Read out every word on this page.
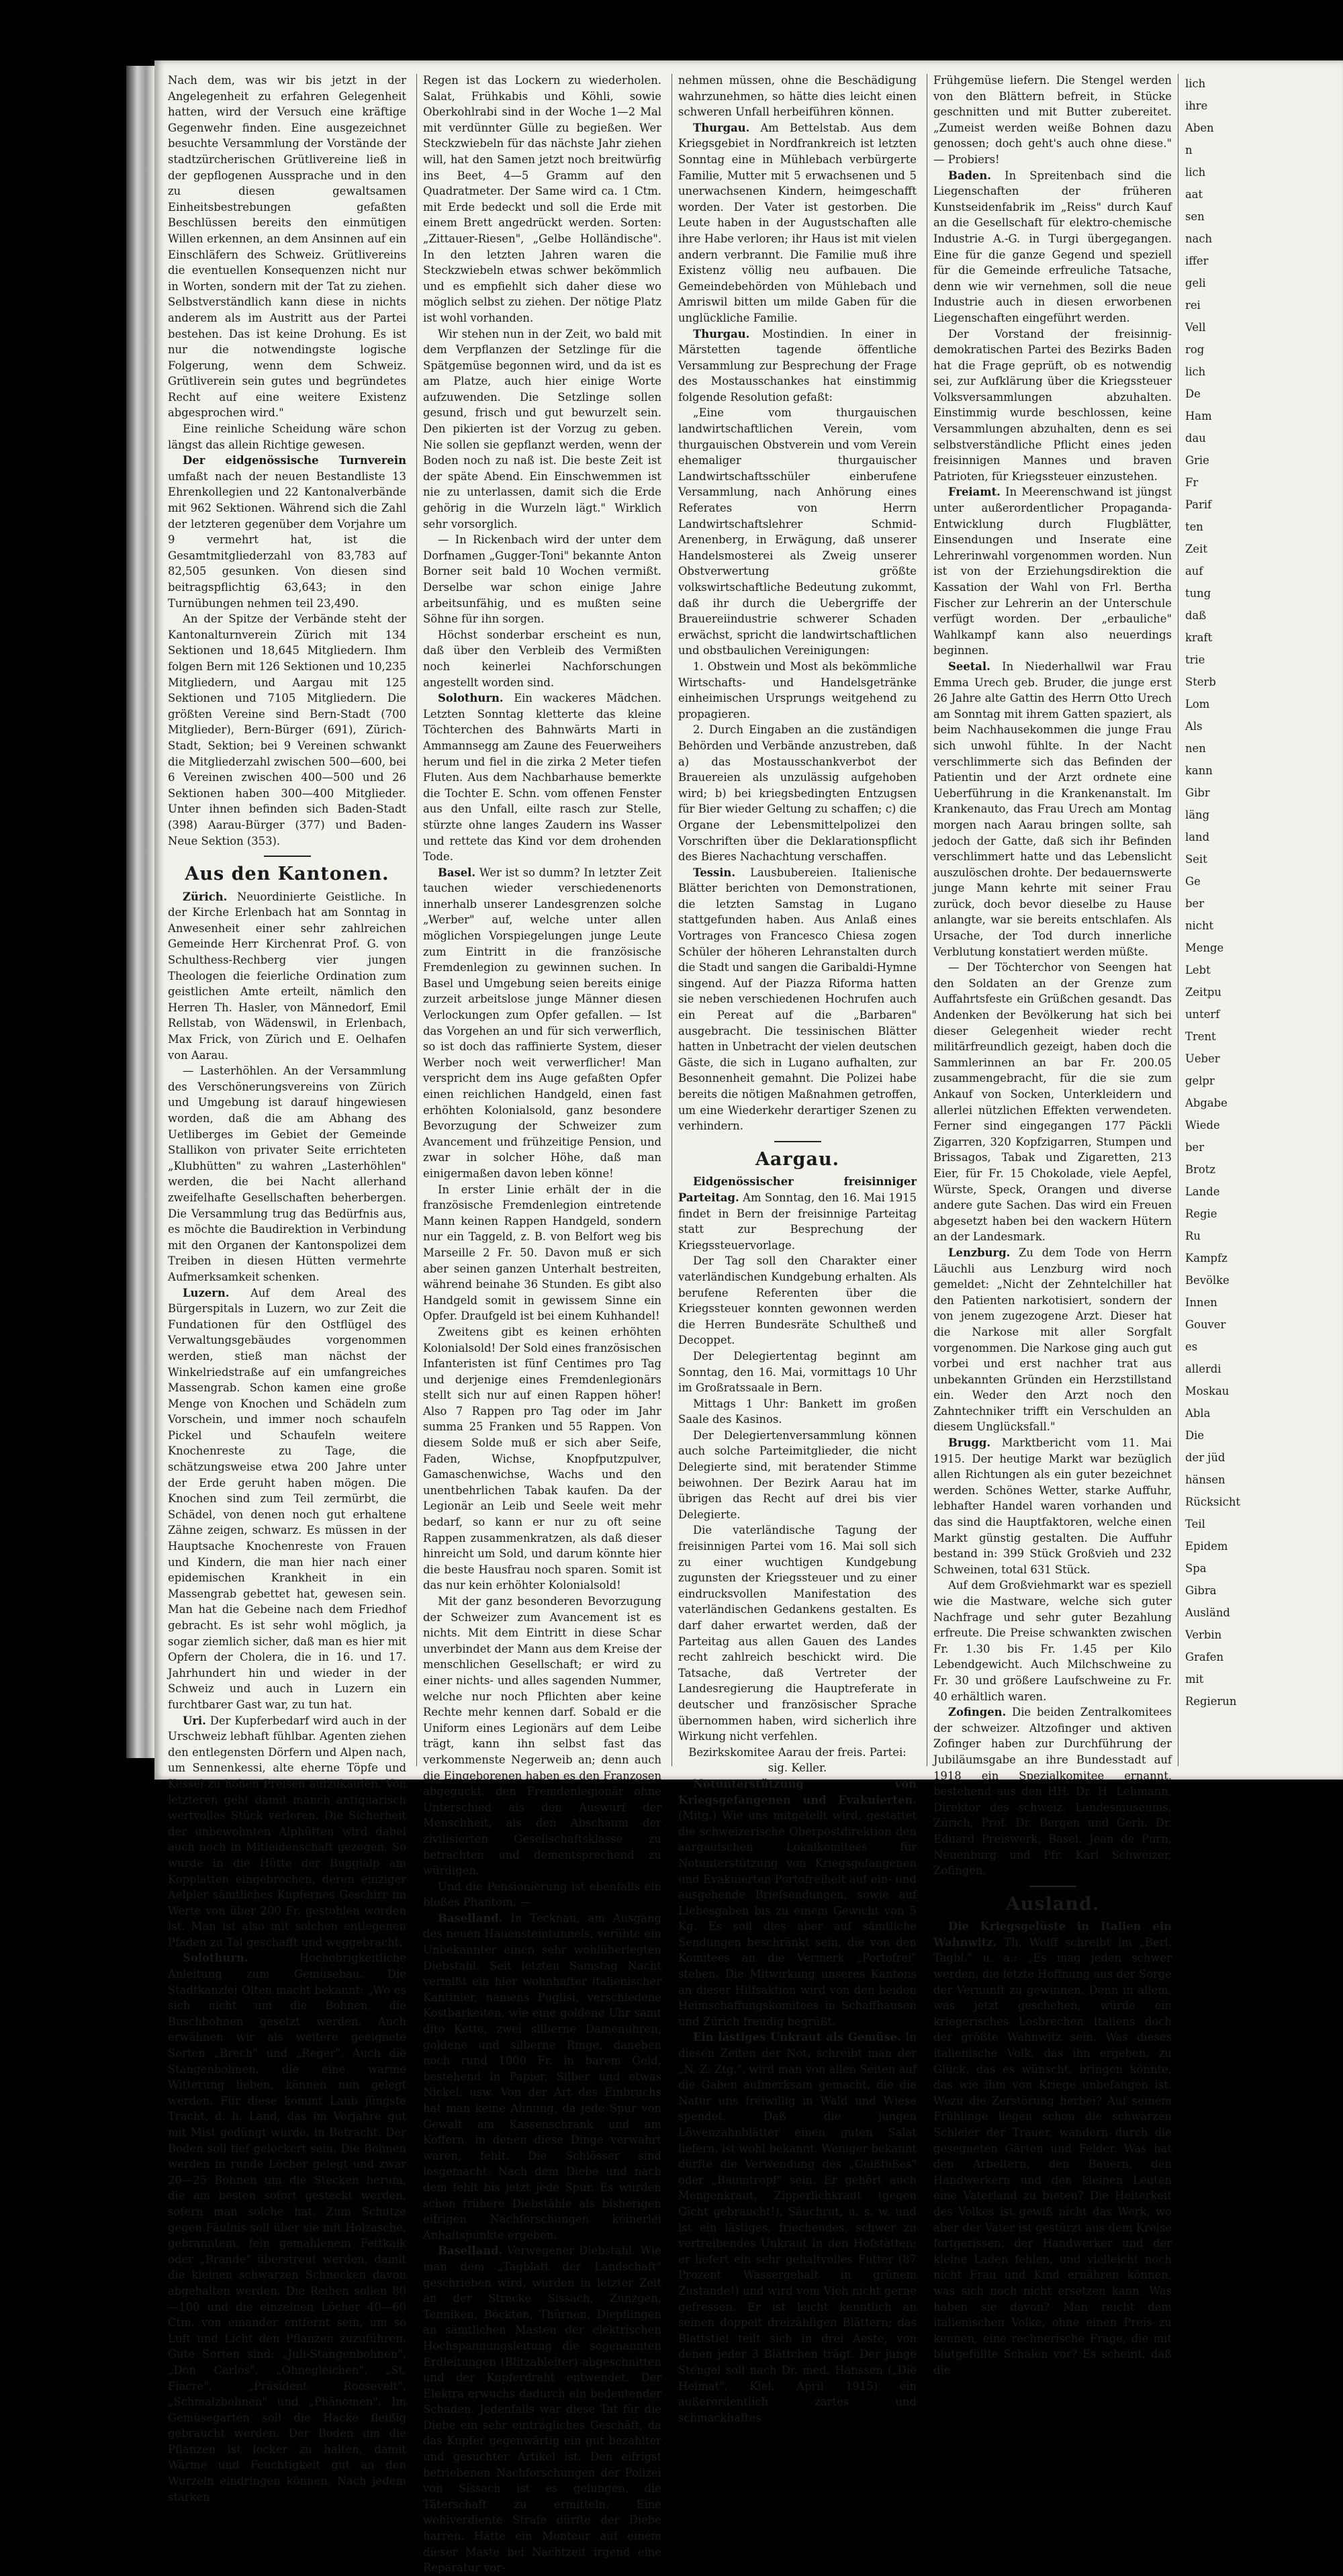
Nach dem, was wir bis jetzt in der Angelegenheit zu erfahren Gelegenheit hatten, wird der Versuch eine kräftige Gegenwehr finden. Eine ausgezeichnet besuchte Versammlung der Vorstände der stadtzürcherischen Grütlivereine ließ in der gepflogenen Aussprache und in den zu diesen gewaltsamen Einheitsbestrebungen gefaßten Beschlüssen bereits den einmütigen Willen erkennen, an dem Ansinnen auf ein Einschläfern des Schweiz. Grütlivereins die eventuellen Konsequenzen nicht nur in Worten, sondern mit der Tat zu ziehen. Selbstverständlich kann diese in nichts anderem als im Austritt aus der Partei bestehen. Das ist keine Drohung. Es ist nur die notwendingste logische Folgerung, wenn dem Schweiz. Grütliverein sein gutes und begründetes Recht auf eine weitere Existenz abgesprochen wird."

Eine reinliche Scheidung wäre schon längst das allein Richtige gewesen.

Der eidgenössische Turnverein umfaßt nach der neuen Bestandliste 13 Ehrenkollegien und 22 Kantonalverbände mit 962 Sektionen. Während sich die Zahl der letzteren gegenüber dem Vorjahre um 9 vermehrt hat, ist die Gesamtmitgliederzahl von 83,783 auf 82,505 gesunken. Von diesen sind beitragspflichtig 63,643; in den Turnübungen nehmen teil 23,490.

An der Spitze der Verbände steht der Kantonalturnverein Zürich mit 134 Sektionen und 18,645 Mitgliedern. Ihm folgen Bern mit 126 Sektionen und 10,235 Mitgliedern, und Aargau mit 125 Sektionen und 7105 Mitgliedern. Die größten Vereine sind Bern-Stadt (700 Mitglieder), Bern-Bürger (691), Zürich-Stadt, Sektion; bei 9 Vereinen schwankt die Mitgliederzahl zwischen 500—600, bei 6 Vereinen zwischen 400—500 und 26 Sektionen haben 300—400 Mitglieder. Unter ihnen befinden sich Baden-Stadt (398) Aarau-Bürger (377) und Baden-Neue Sektion (353).

Aus den Kantonen.

Zürich. Neuordinierte Geistliche. In der Kirche Erlenbach hat am Sonntag in Anwesenheit einer sehr zahlreichen Gemeinde Herr Kirchenrat Prof. G. von Schulthess-Rechberg vier jungen Theologen die feierliche Ordination zum geistlichen Amte erteilt, nämlich den Herren Th. Hasler, von Männedorf, Emil Rellstab, von Wädenswil, in Erlenbach, Max Frick, von Zürich und E. Oelhafen von Aarau.

— Lasterhöhlen. An der Versammlung des Verschönerungsvereins von Zürich und Umgebung ist darauf hingewiesen worden, daß die am Abhang des Uetliberges im Gebiet der Gemeinde Stallikon von privater Seite errichteten „Klubhütten" zu wahren „Lasterhöhlen" werden, die bei Nacht allerhand zweifelhafte Gesellschaften beherbergen. Die Versammlung trug das Bedürfnis aus, es möchte die Baudirektion in Verbindung mit den Organen der Kantonspolizei dem Treiben in diesen Hütten vermehrte Aufmerksamkeit schenken.

Luzern. Auf dem Areal des Bürgerspitals in Luzern, wo zur Zeit die Fundationen für den Ostflügel des Verwaltungsgebäudes vorgenommen werden, stieß man nächst der Winkelriedstraße auf ein umfangreiches Massengrab. Schon kamen eine große Menge von Knochen und Schädeln zum Vorschein, und immer noch schaufeln Pickel und Schaufeln weitere Knochenreste zu Tage, die schätzungsweise etwa 200 Jahre unter der Erde geruht haben mögen. Die Knochen sind zum Teil zermürbt, die Schädel, von denen noch gut erhaltene Zähne zeigen, schwarz. Es müssen in der Hauptsache Knochenreste von Frauen und Kindern, die man hier nach einer epidemischen Krankheit in ein Massengrab gebettet hat, gewesen sein. Man hat die Gebeine nach dem Friedhof gebracht. Es ist sehr wohl möglich, ja sogar ziemlich sicher, daß man es hier mit Opfern der Cholera, die in 16. und 17. Jahrhundert hin und wieder in der Schweiz und auch in Luzern ein furchtbarer Gast war, zu tun hat.

Uri. Der Kupferbedarf wird auch in der Urschweiz lebhaft fühlbar. Agenten ziehen den entlegensten Dörfern und Alpen nach, um Sennenkessi, alte eherne Töpfe und Kessel zu hohen Preisen aufzukaufen. Von letzteren geht damit manch antiquarisch wertvolles Stück verloren. Die Sicherheit der unbewohnten Alphütten wird dabei auch noch in Mitleidenschaft gezogen. So wurde in die Hütte der Buggialp am Kopplatten eingebrochen, deren einziger Aelpler sämtliches Kupfernes Geschirr im Werte von über 200 Fr. gestohlen worden ist. Man ist also mit solchen entlegenen Pfaden zu Tal geschafft und weggebracht.

Solothurn. Hochobrigkeitliche Anleitung zum Gemüsebau. Die Stadtkanzlei Olten macht bekannt: „Wo es sich nicht um die Bohnen, die Buschbohnen gesetzt werden. Auch erwähnen wir als weitere geeignete Sorten „Brech" und „Reger". Auch die Stangenbohnen, die eine warme Witterung lieben, können nun gelegt werden. Für diese kommt Laub jüngste Tracht, d. h. Land, das im Vorjahre gut mit Mist gedüngt wurde, in Betracht. Der Boden soll tief gelockert sein. Die Bohnen werden in runde Löcher gelegt und zwar 20—25 Bohnen um die Stecken herum, die am besten sofort gesteckt werden, sofern man solche hat. Zum Schutze gegen Fäulnis soll über sie mit Holzasche, gebranntem, fein gemahlenem Fettkalk oder „Brande" überstreut werden, damit die kleinen schwarzen Schnecken davon abgehalten werden. Die Reihen sollen 80—100 und die einzelnen Löcher 40—60 Ctm. von einander entfernt sein, um so Luft und Licht den Pflanzen zuzuführen. Gute Sorten sind: „Juli-Stangenbohnen", „Don Carlos", „Ohnegleichen", „St. Fiacre", „Präsident Roosevelt", „Schmalzbohnen" und „Phänomen". Im Gemüsegarten soll die Hacke fleißig gebraucht werden. Der Boden um die Pflanzen ist locker zu halten, damit Wärme und Feuchtigkeit gut an den Wurzeln eindringen können. Nach jedem starken

Regen ist das Lockern zu wiederholen. Salat, Frühkabis und Köhli, sowie Oberkohlrabi sind in der Woche 1—2 Mal mit verdünnter Gülle zu begießen. Wer Steckzwiebeln für das nächste Jahr ziehen will, hat den Samen jetzt noch breitwürfig ins Beet, 4—5 Gramm auf den Quadratmeter. Der Same wird ca. 1 Ctm. mit Erde bedeckt und soll die Erde mit einem Brett angedrückt werden. Sorten: „Zittauer-Riesen", „Gelbe Holländische". In den letzten Jahren waren die Steckzwiebeln etwas schwer bekömmlich und es empfiehlt sich daher diese wo möglich selbst zu ziehen. Der nötige Platz ist wohl vorhanden.

Wir stehen nun in der Zeit, wo bald mit dem Verpflanzen der Setzlinge für die Spätgemüse begonnen wird, und da ist es am Platze, auch hier einige Worte aufzuwenden. Die Setzlinge sollen gesund, frisch und gut bewurzelt sein. Den pikierten ist der Vorzug zu geben. Nie sollen sie gepflanzt werden, wenn der Boden noch zu naß ist. Die beste Zeit ist der späte Abend. Ein Einschwemmen ist nie zu unterlassen, damit sich die Erde gehörig in die Wurzeln lägt." Wirklich sehr vorsorglich.

— In Rickenbach wird der unter dem Dorfnamen „Gugger-Toni" bekannte Anton Borner seit bald 10 Wochen vermißt. Derselbe war schon einige Jahre arbeitsunfähig, und es mußten seine Söhne für ihn sorgen.

Höchst sonderbar erscheint es nun, daß über den Verbleib des Vermißten noch keinerlei Nachforschungen angestellt worden sind.

Solothurn. Ein wackeres Mädchen. Letzten Sonntag kletterte das kleine Töchterchen des Bahnwärts Marti in Ammannsegg am Zaune des Feuerweihers herum und fiel in die zirka 2 Meter tiefen Fluten. Aus dem Nachbarhause bemerkte die Tochter E. Schn. vom offenen Fenster aus den Unfall, eilte rasch zur Stelle, stürzte ohne langes Zaudern ins Wasser und rettete das Kind vor dem drohenden Tode.

Basel. Wer ist so dumm? In letzter Zeit tauchen wieder verschiedenenorts innerhalb unserer Landesgrenzen solche „Werber" auf, welche unter allen möglichen Vorspiegelungen junge Leute zum Eintritt in die französische Fremdenlegion zu gewinnen suchen. In Basel und Umgebung seien bereits einige zurzeit arbeitslose junge Männer diesen Verlockungen zum Opfer gefallen. — Ist das Vorgehen an und für sich verwerflich, so ist doch das raffinierte System, dieser Werber noch weit verwerflicher! Man verspricht dem ins Auge gefaßten Opfer einen reichlichen Handgeld, einen fast erhöhten Kolonialsold, ganz besondere Bevorzugung der Schweizer zum Avancement und frühzeitige Pension, und zwar in solcher Höhe, daß man einigermaßen davon leben könne!

In erster Linie erhält der in die französische Fremdenlegion eintretende Mann keinen Rappen Handgeld, sondern nur ein Taggeld, z. B. von Belfort weg bis Marseille 2 Fr. 50. Davon muß er sich aber seinen ganzen Unterhalt bestreiten, während beinahe 36 Stunden. Es gibt also Handgeld somit in gewissem Sinne ein Opfer. Draufgeld ist bei einem Kuhhandel!

Zweitens gibt es keinen erhöhten Kolonialsold! Der Sold eines französischen Infanteristen ist fünf Centimes pro Tag und derjenige eines Fremdenlegionärs stellt sich nur auf einen Rappen höher! Also 7 Rappen pro Tag oder im Jahr summa 25 Franken und 55 Rappen. Von diesem Solde muß er sich aber Seife, Faden, Wichse, Knopfputzpulver, Gamaschenwichse, Wachs und den unentbehrlichen Tabak kaufen. Da der Legionär an Leib und Seele weit mehr bedarf, so kann er nur zu oft seine Rappen zusammenkratzen, als daß dieser hinreicht um Sold, und darum könnte hier die beste Hausfrau noch sparen. Somit ist das nur kein erhöhter Kolonialsold!

Mit der ganz besonderen Bevorzugung der Schweizer zum Avancement ist es nichts. Mit dem Eintritt in diese Schar unverbindet der Mann aus dem Kreise der menschlichen Gesellschaft; er wird zu einer nichts- und alles sagenden Nummer, welche nur noch Pflichten aber keine Rechte mehr kennen darf. Sobald er die Uniform eines Legionärs auf dem Leibe trägt, kann ihn selbst fast das verkommenste Negerweib an; denn auch die Eingeborenen haben es den Franzosen abgeguckt, den Fremdenlegionär ohne Unterschied als den Auswurf der Menschheit, als den Abschaum der zivilisierten Gesellschaftsklasse zu betrachten und dementsprechend zu würdigen.

Und die Pensionierung ist ebenfalls ein bloßes Phantom. —

Baselland. In Tecknau, am Ausgang des neuen Hauensteintunnels, verübte ein Unbekannter einen sehr wohlüberlegten Diebstahl. Seit letzten Samstag Nacht vermißt ein hier wohnhafter italienischer Kantinier, namens Puglisi, verschiedene Kostbarkeiten, wie eine goldene Uhr samt dito Kette, zwei silberne Damenuhren, goldene und silberne Ringe, daneben noch rund 1000 Fr. in barem Geld, bestehend in Papier, Silber und etwas Nickel, usw. Von der Art des Einbruchs hat man keine Ahnung, da jede Spur von Gewalt am Kassenschrank und am Koffern, in denen diese Dinge verwahrt waren, fehlt. Die Schlösser sind losgemacht. Nach dem Diebe und nach dem fehlt bis jetzt jede Spur. Es wurden schon frühere Diebstähle als bisherigen eifrigen Nachforschungen keinerlei Anhaltspunkte ergeben.

Baselland. Verwegener Diebstahl. Wie man dem „Tagblatt der Landschaft" geschrieben wird, wurden in letzter Zeit an der Strecke Sissach, Zunzgen, Tenniken, Böckten, Thürnen, Diepflingen an sämtlichen Masten der elektrischen Hochspannungsleitung die sogenannten Erdleitungen (Blitzableiter) abgeschnitten und der Kupferdraht entwendet. Der Elektra erwuchs dadurch ein bedeutender Schaden. Jedenfalls war diese Tat für die Diebe ein sehr einträgliches Geschäft, da das Kupfer gegenwärtig ein gut bezahlter und gesuchter Artikel ist. Den eifrigst betriebenen Nachforschungen der Polizei von Sissach ist es gelungen, die Täterschaft zu ermitteln. Eine wohlverdiente Strafe dürfte der Diebe harren. Hätte ein Monteur auf einem dieser Maste bei Nachtzeit irgend eine Reparatur vor-

nehmen müssen, ohne die Beschädigung wahrzunehmen, so hätte dies leicht einen schweren Unfall herbeiführen können.

Thurgau. Am Bettelstab. Aus dem Kriegsgebiet in Nordfrankreich ist letzten Sonntag eine in Mühlebach verbürgerte Familie, Mutter mit 5 erwachsenen und 5 unerwachsenen Kindern, heimgeschafft worden. Der Vater ist gestorben. Die Leute haben in der Augustschaften alle ihre Habe verloren; ihr Haus ist mit vielen andern verbrannt. Die Familie muß ihre Existenz völlig neu aufbauen. Die Gemeindebehörden von Mühlebach und Amriswil bitten um milde Gaben für die unglückliche Familie.

Thurgau. Mostindien. In einer in Märstetten tagende öffentliche Versammlung zur Besprechung der Frage des Mostausschankes hat einstimmig folgende Resolution gefaßt:

„Eine vom thurgauischen landwirtschaftlichen Verein, vom thurgauischen Obstverein und vom Verein ehemaliger thurgauischer Landwirtschaftsschüler einberufene Versammlung, nach Anhörung eines Referates von Herrn Landwirtschaftslehrer Schmid-Arenenberg, in Erwägung, daß unserer Handelsmosterei als Zweig unserer Obstverwertung größte volkswirtschaftliche Bedeutung zukommt, daß ihr durch die Uebergriffe der Brauereiindustrie schwerer Schaden erwächst, spricht die landwirtschaftlichen und obstbaulichen Vereinigungen:

1. Obstwein und Most als bekömmliche Wirtschafts- und Handelsgetränke einheimischen Ursprungs weitgehend zu propagieren.

2. Durch Eingaben an die zuständigen Behörden und Verbände anzustreben, daß a) das Mostausschankverbot der Brauereien als unzulässig aufgehoben wird; b) bei kriegsbedingten Entzugsen für Bier wieder Geltung zu schaffen; c) die Organe der Lebensmittelpolizei den Vorschriften über die Deklarationspflicht des Bieres Nachachtung verschaffen.

Tessin. Lausbubereien. Italienische Blätter berichten von Demonstrationen, die letzten Samstag in Lugano stattgefunden haben. Aus Anlaß eines Vortrages von Francesco Chiesa zogen Schüler der höheren Lehranstalten durch die Stadt und sangen die Garibaldi-Hymne singend. Auf der Piazza Riforma hatten sie neben verschiedenen Hochrufen auch ein Pereat auf die „Barbaren" ausgebracht. Die tessinischen Blätter hatten in Unbetracht der vielen deutschen Gäste, die sich in Lugano aufhalten, zur Besonnenheit gemahnt. Die Polizei habe bereits die nötigen Maßnahmen getroffen, um eine Wiederkehr derartiger Szenen zu verhindern.

Aargau.

Eidgenössischer freisinniger Parteitag. Am Sonntag, den 16. Mai 1915 findet in Bern der freisinnige Parteitag statt zur Besprechung der Kriegssteuervorlage.

Der Tag soll den Charakter einer vaterländischen Kundgebung erhalten. Als berufene Referenten über die Kriegssteuer konnten gewonnen werden die Herren Bundesräte Schultheß und Decoppet.

Der Delegiertentag beginnt am Sonntag, den 16. Mai, vormittags 10 Uhr im Großratssaale in Bern.

Mittags 1 Uhr: Bankett im großen Saale des Kasinos.

Der Delegiertenversammlung können auch solche Parteimitglieder, die nicht Delegierte sind, mit beratender Stimme beiwohnen. Der Bezirk Aarau hat im übrigen das Recht auf drei bis vier Delegierte.

Die vaterländische Tagung der freisinnigen Partei vom 16. Mai soll sich zu einer wuchtigen Kundgebung zugunsten der Kriegssteuer und zu einer eindrucksvollen Manifestation des vaterländischen Gedankens gestalten. Es darf daher erwartet werden, daß der Parteitag aus allen Gauen des Landes recht zahlreich beschickt wird. Die Tatsache, daß Vertreter der Landesregierung die Hauptreferate in deutscher und französischer Sprache übernommen haben, wird sicherlich ihre Wirkung nicht verfehlen.

Bezirkskomitee Aarau der freis. Partei:

sig. Keller.

Notunterstützung von Kriegsgefangenen und Evakuierten. (Mitg.) Wie uns mitgeteilt wird, gestattet die schweizerische Oberpostdirektion den aargauischen Lokalkomitees für Notunterstützung von Kriegsgefangenen und Evakuierten Portofreiheit auf ein- und ausgehende Briefsendungen, sowie auf Liebesgaben bis zu einem Gewicht von 5 Kg. Es soll dies aber auf sämtliche Sendungen beschränkt sein, die von den Komitees an die Vermerk „Portofrei" stehen. Die Mitwirkung unseres Kantons an dieser Hilfsaktion wird von den beiden Heimschaffungskomitees in Schaffhausen und Zürich freudig begrüßt.

Ein lästiges Unkraut als Gemüse. In diesen Zeiten der Not, schreibt man der „N. Z. Ztg.", wird man von allen Seiten auf die Gaben aufmerksam gemacht, die die Natur uns freiwillig in Wald und Wiese spendet. Daß die jungen Löwenzahnblätter einen guten Salat liefern, ist wohl bekannt. Weniger bekannt dürfte die Verwendung des „Geißfußes" oder „Baumtropf" sein. Er gehört auch Mengenkraut, Zipperlichkraut (gegen Gicht gebraucht!), Säuchrut, u. s. w. und ist ein lästiges, friechendes, schwer zu vertreibendes Unkraut in den Hofstätten; er liefert ein sehr gehaltvolles Futter (87 Prozent Wassergehalt in grünem Zustande!) und wird vom Vieh nicht gerne gefressen. Er ist leicht kenntlich an seinen doppelt dreizähligen Blättern; das Blattstiel teilt sich in drei Aeste, von denen jeder 3 Blättchen trägt. Der junge Stengel soll nach Dr. med. Hanssen („Die Heimat", Kiel, April 1915) ein außerordentlich zartes und schmackhaftes

Frühgemüse liefern. Die Stengel werden von den Blättern befreit, in Stücke geschnitten und mit Butter zubereitet. „Zumeist werden weiße Bohnen dazu genossen; doch geht's auch ohne diese." — Probiers!

Baden. In Spreitenbach sind die Liegenschaften der früheren Kunstseidenfabrik im „Reiss" durch Kauf an die Gesellschaft für elektro-chemische Industrie A.-G. in Turgi übergegangen. Eine für die ganze Gegend und speziell für die Gemeinde erfreuliche Tatsache, denn wie wir vernehmen, soll die neue Industrie auch in diesen erworbenen Liegenschaften eingeführt werden.

Der Vorstand der freisinnig-demokratischen Partei des Bezirks Baden hat die Frage geprüft, ob es notwendig sei, zur Aufklärung über die Kriegssteuer Volksversammlungen abzuhalten. Einstimmig wurde beschlossen, keine Versammlungen abzuhalten, denn es sei selbstverständliche Pflicht eines jeden freisinnigen Mannes und braven Patrioten, für Kriegssteuer einzustehen.

Freiamt. In Meerenschwand ist jüngst unter außerordentlicher Propaganda-Entwicklung durch Flugblätter, Einsendungen und Inserate eine Lehrerinwahl vorgenommen worden. Nun ist von der Erziehungsdirektion die Kassation der Wahl von Frl. Bertha Fischer zur Lehrerin an der Unterschule verfügt worden. Der „erbauliche" Wahlkampf kann also neuerdings beginnen.

Seetal. In Niederhallwil war Frau Emma Urech geb. Bruder, die junge erst 26 Jahre alte Gattin des Herrn Otto Urech am Sonntag mit ihrem Gatten spaziert, als beim Nachhausekommen die junge Frau sich unwohl fühlte. In der Nacht verschlimmerte sich das Befinden der Patientin und der Arzt ordnete eine Ueberführung in die Krankenanstalt. Im Krankenauto, das Frau Urech am Montag morgen nach Aarau bringen sollte, sah jedoch der Gatte, daß sich ihr Befinden verschlimmert hatte und das Lebenslicht auszulöschen drohte. Der bedauernswerte junge Mann kehrte mit seiner Frau zurück, doch bevor dieselbe zu Hause anlangte, war sie bereits entschlafen. Als Ursache, der Tod durch innerliche Verblutung konstatiert werden müßte.

— Der Töchterchor von Seengen hat den Soldaten an der Grenze zum Auffahrtsfeste ein Grüßchen gesandt. Das Andenken der Bevölkerung hat sich bei dieser Gelegenheit wieder recht militärfreundlich gezeigt, haben doch die Sammlerinnen an bar Fr. 200.05 zusammengebracht, für die sie zum Ankauf von Socken, Unterkleidern und allerlei nützlichen Effekten verwendeten. Ferner sind eingegangen 177 Päckli Zigarren, 320 Kopfzigarren, Stumpen und Brissagos, Tabak und Zigaretten, 213 Eier, für Fr. 15 Chokolade, viele Aepfel, Würste, Speck, Orangen und diverse andere gute Sachen. Das wird ein Freuen abgesetzt haben bei den wackern Hütern an der Landesmark.

Lenzburg. Zu dem Tode von Herrn Läuchli aus Lenzburg wird noch gemeldet: „Nicht der Zehntelchiller hat den Patienten narkotisiert, sondern der von jenem zugezogene Arzt. Dieser hat die Narkose mit aller Sorgfalt vorgenommen. Die Narkose ging auch gut vorbei und erst nachher trat aus unbekannten Gründen ein Herzstillstand ein. Weder den Arzt noch den Zahntechniker trifft ein Verschulden an diesem Unglücksfall."

Brugg. Marktbericht vom 11. Mai 1915. Der heutige Markt war bezüglich allen Richtungen als ein guter bezeichnet werden. Schönes Wetter, starke Auffuhr, lebhafter Handel waren vorhanden und das sind die Hauptfaktoren, welche einen Markt günstig gestalten. Die Auffuhr bestand in: 399 Stück Großvieh und 232 Schweinen, total 631 Stück.

Auf dem Großviehmarkt war es speziell wie die Mastware, welche sich guter Nachfrage und sehr guter Bezahlung erfreute. Die Preise schwankten zwischen Fr. 1.30 bis Fr. 1.45 per Kilo Lebendgewicht. Auch Milchschweine zu Fr. 30 und größere Laufschweine zu Fr. 40 erhältlich waren.

Zofingen. Die beiden Zentralkomitees der schweizer. Altzofinger und aktiven Zofinger haben zur Durchführung der Jubiläumsgabe an ihre Bundesstadt auf 1918 ein Spezialkomitee ernannt, bestehend aus den HH. Dr. H. Lehmann, Direktor des schweiz. Landesmuseums, Zürich, Prof. Dr. Bergen und Gerh. Dr. Eduard Preiswerk, Basel, Jean de Purn, Neuenburg und Pfr. Karl Schweizer, Zofingen.

Ausland.

Die Kriegsgelüste in Italien ein Wahnwitz. Th. Wolff schreibt im „Berl. Tagbl." u. a.: „Es mag jeden schwer werden, die letzte Hoffnung aus der Sorge der Vernunft zu gewinnen. Denn in allem, was jetzt geschehen, würde ein kriegerisches Losbrechen Italiens doch der größte Wahnwitz sein. Was dieses italienische Volk, das ihn ergeben, zu Glück, das es wünscht, bringen könnte, das wie ihm von Kriege unbefangen ist. Wozu die Zerstörung herbei? Auf seinem Frühlinge liegen schon die schwarzen Schleier der Trauer, wandern durch die gesegneten Gärten und Felder. Was hat den Arbeitern, den Bauern, den Handwerkern und den kleinen Leuten eine Vaterland zu bieten? Die Heiterkeit des Volkes ist gewiß nicht das Werk, wo aber der Vater ist gestürzt aus dem Kreise fortgerissen, der Handwerker und der kleine Laden fehlen, und vielleicht noch nicht Frau und Kind ernähren können, was sich noch nicht ersetzen kann. Was haben sie davon? Man reicht dem italienischen Volke, ohne einen Preis zu kennen, eine rechnerische Frage, die mit blutgefüllte Schalen vor? Es scheint, daß die

lich
ihre
Aben
n
lich
aat
sen
nach
iffer
geli
rei
Vell
rog
lich
De
Ham
dau
Grie
Fr
Parif
ten
Zeit
auf
tung
daß
kraft
trie
Sterb
Lom
Als
nen
kann
Gibr
läng
land
Seit
Ge
ber
nicht
Menge
Lebt
Zeitpu
unterf
Trent
Ueber
gelpr
Abgabe
Wiede
ber
Brotz
Lande
Regie
Ru
Kampfz
Bevölke
Innen
Gouver
es
allerdi
Moskau
Abla
Die
der jüd
hänsen
Rücksicht
Teil
Epidem
Spa
Gibra
Ausländ
Verbin
Grafen
mit
Regierun
